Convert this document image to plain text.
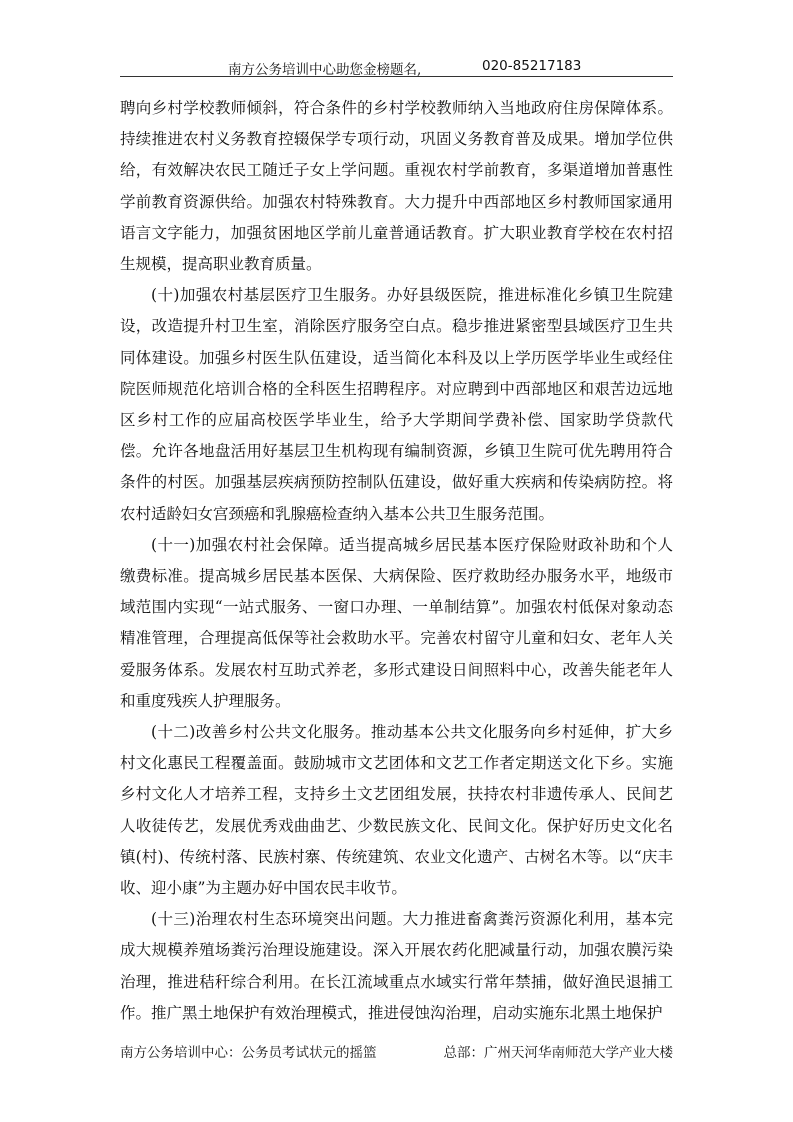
南方公务培训中心助您金榜题名,	020-85217183

聘向乡村学校教师倾斜，符合条件的乡村学校教师纳入当地政府住房保障体系。持续推进农村义务教育控辍保学专项行动，巩固义务教育普及成果。增加学位供给，有效解决农民工随迁子女上学问题。重视农村学前教育，多渠道增加普惠性学前教育资源供给。加强农村特殊教育。大力提升中西部地区乡村教师国家通用语言文字能力，加强贫困地区学前儿童普通话教育。扩大职业教育学校在农村招生规模，提高职业教育质量。

(十)加强农村基层医疗卫生服务。办好县级医院，推进标准化乡镇卫生院建设，改造提升村卫生室，消除医疗服务空白点。稳步推进紧密型县域医疗卫生共同体建设。加强乡村医生队伍建设，适当简化本科及以上学历医学毕业生或经住院医师规范化培训合格的全科医生招聘程序。对应聘到中西部地区和艰苦边远地区乡村工作的应届高校医学毕业生，给予大学期间学费补偿、国家助学贷款代偿。允许各地盘活用好基层卫生机构现有编制资源，乡镇卫生院可优先聘用符合条件的村医。加强基层疾病预防控制队伍建设，做好重大疾病和传染病防控。将农村适龄妇女宫颈癌和乳腺癌检查纳入基本公共卫生服务范围。

(十一)加强农村社会保障。适当提高城乡居民基本医疗保险财政补助和个人缴费标准。提高城乡居民基本医保、大病保险、医疗救助经办服务水平，地级市域范围内实现“一站式服务、一窗口办理、一单制结算”。加强农村低保对象动态精准管理，合理提高低保等社会救助水平。完善农村留守儿童和妇女、老年人关爱服务体系。发展农村互助式养老，多形式建设日间照料中心，改善失能老年人和重度残疾人护理服务。

(十二)改善乡村公共文化服务。推动基本公共文化服务向乡村延伸，扩大乡村文化惠民工程覆盖面。鼓励城市文艺团体和文艺工作者定期送文化下乡。实施乡村文化人才培养工程，支持乡土文艺团组发展，扶持农村非遗传承人、民间艺人收徒传艺，发展优秀戏曲曲艺、少数民族文化、民间文化。保护好历史文化名镇(村)、传统村落、民族村寨、传统建筑、农业文化遗产、古树名木等。以“庆丰收、迎小康”为主题办好中国农民丰收节。

(十三)治理农村生态环境突出问题。大力推进畜禽粪污资源化利用，基本完成大规模养殖场粪污治理设施建设。深入开展农药化肥减量行动，加强农膜污染治理，推进秸秆综合利用。在长江流域重点水域实行常年禁捕，做好渔民退捕工作。推广黑土地保护有效治理模式，推进侵蚀沟治理，启动实施东北黑土地保护

南方公务培训中心：公务员考试状元的摇篮	总部：广州天河华南师范大学产业大楼
